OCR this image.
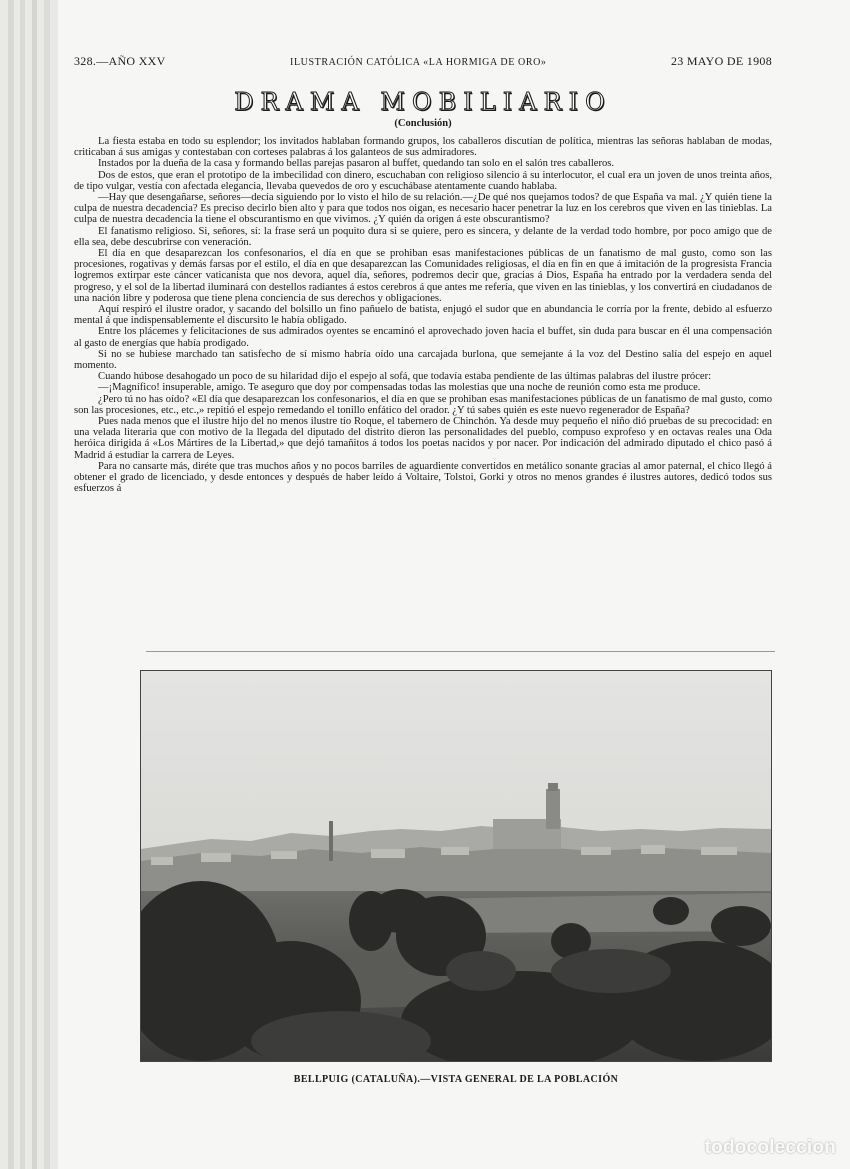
328.—AÑO XXV	ILUSTRACIÓN CATÓLICA «LA HORMIGA DE ORO»	23 MAYO DE 1908
DRAMA MOBILIARIO
(Conclusión)

La fiesta estaba en todo su esplendor; los invitados hablaban formando grupos, los caballeros discutían de política, mientras las señoras hablaban de modas, criticaban á sus amigas y contestaban con corteses palabras á los galanteos de sus admiradores.

Instados por la dueña de la casa y formando bellas parejas pasaron al buffet, quedando tan solo en el salón tres caballeros.

Dos de estos, que eran el prototipo de la imbecilidad con dinero, escuchaban con religioso silencio á su interlocutor, el cual era un joven de unos treinta años, de tipo vulgar, vestía con afectada elegancia, llevaba quevedos de oro y escuchábase atentamente cuando hablaba.

—Hay que desengañarse, señores—decía siguiendo por lo visto el hilo de su relación.—¿De qué nos quejamos todos? de que España va mal. ¿Y quién tiene la culpa de nuestra decadencia? Es preciso decirlo bien alto y para que todos nos oigan, es necesario hacer penetrar la luz en los cerebros que viven en las tinieblas. La culpa de nuestra decadencia la tiene el obscurantismo en que vivimos. ¿Y quién da origen á este obscurantismo?

El fanatismo religioso. Si, señores, sí: la frase será un poquito dura si se quiere, pero es sincera, y delante de la verdad todo hombre, por poco amigo que de ella sea, debe descubrirse con veneración.

El día en que desaparezcan los confesonarios, el día en que se prohiban esas manifestaciones públicas de un fanatismo de mal gusto, como son las procesiones, rogativas y demás farsas por el estilo, el día en que desaparezcan las Comunidades religiosas, el día en fin en que á imitación de la progresista Francia logremos extirpar este cáncer vaticanista que nos devora, aquel día, señores, podremos decir que, gracias á Dios, España ha entrado por la verdadera senda del progreso, y el sol de la libertad iluminará con destellos radiantes á estos cerebros á que antes me refería, que viven en las tinieblas, y los convertirá en ciudadanos de una nación libre y poderosa que tiene plena conciencia de sus derechos y obligaciones.

Aquí respiró el ilustre orador, y sacando del bolsillo un fino pañuelo de batista, enjugó el sudor que en abundancia le corría por la frente, debido al esfuerzo mental á que indispensablemente el discursito le había obligado.

Entre los plácemes y felicitaciones de sus admirados oyentes se encaminó el aprovechado joven hacia el buffet, sin duda para buscar en él una compensación al gasto de energías que había prodigado.

Si no se hubiese marchado tan satisfecho de sí mismo habría oído una carcajada burlona, que semejante á la voz del Destino salía del espejo en aquel momento.

Cuando húbose desahogado un poco de su hilaridad dijo el espejo al sofá, que todavía estaba pendiente de las últimas palabras del ilustre prócer:

—¡Magnífico! insuperable, amigo. Te aseguro que doy por compensadas todas las molestias que una noche de reunión como esta me produce.

¿Pero tú no has oído? «El día que desaparezcan los confesonarios, el día en que se prohiban esas manifestaciones públicas de un fanatismo de mal gusto, como son las procesiones, etc., etc.,» repitió el espejo remedando el tonillo enfático del orador. ¿Y tú sabes quién es este nuevo regenerador de España?

Pues nada menos que el ilustre hijo del no menos ilustre tío Roque, el tabernero de Chinchón. Ya desde muy pequeño el niño dió pruebas de su precocidad: en una velada literaria que con motivo de la llegada del diputado del distrito dieron las personalidades del pueblo, compuso exprofeso y en octavas reales una Oda heróica dirigida á «Los Mártires de la Libertad,» que dejó tamañitos á todos los poetas nacidos y por nacer. Por indicación del admirado diputado el chico pasó á Madrid á estudiar la carrera de Leyes.

Para no cansarte más, diréte que tras muchos años y no pocos barriles de aguardiente convertidos en metálico sonante gracias al amor paternal, el chico llegó á obtener el grado de licenciado, y desde entonces y después de haber leído á Voltaire, Tolstoi, Gorki y otros no menos grandes é ilustres autores, dedicó todos sus esfuerzos á

BELLPUIG (CATALUÑA).—VISTA GENERAL DE LA POBLACIÓN
todocoleccion
